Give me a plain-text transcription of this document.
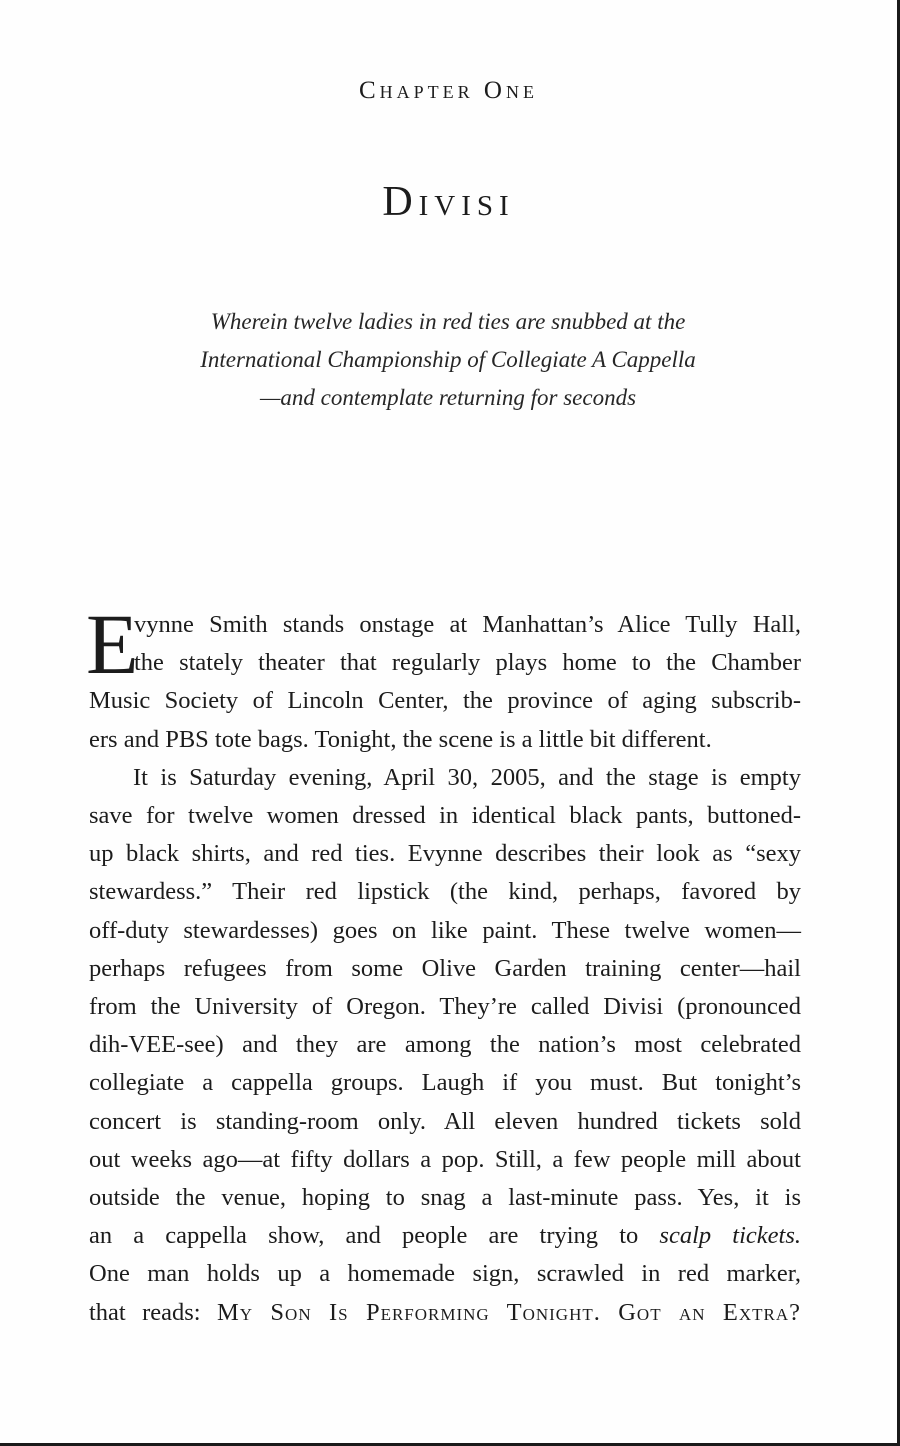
Chapter One
Divisi
Wherein twelve ladies in red ties are snubbed at the
International Championship of Collegiate A Cappella
—and contemplate returning for seconds
E
vynne Smith stands onstage at Manhattan’s Alice Tully Hall,
the stately theater that regularly plays home to the Chamber
Music Society of Lincoln Center, the province of aging subscrib-
ers and PBS tote bags. Tonight, the scene is a little bit different.
It is Saturday evening, April 30, 2005, and the stage is empty
save for twelve women dressed in identical black pants, buttoned-
up black shirts, and red ties. Evynne describes their look as “sexy
stewardess.” Their red lipstick (the kind, perhaps, favored by
off-duty stewardesses) goes on like paint. These twelve women—
perhaps refugees from some Olive Garden training center—hail
from the University of Oregon. They’re called Divisi (pronounced
dih-VEE-see) and they are among the nation’s most celebrated
collegiate a cappella groups. Laugh if you must. But tonight’s
concert is standing-room only. All eleven hundred tickets sold
out weeks ago—at fifty dollars a pop. Still, a few people mill about
outside the venue, hoping to snag a last-minute pass. Yes, it is
an a cappella show, and people are trying to scalp tickets.
One man holds up a homemade sign, scrawled in red marker,
that reads: My Son Is Performing Tonight. Got an Extra?
